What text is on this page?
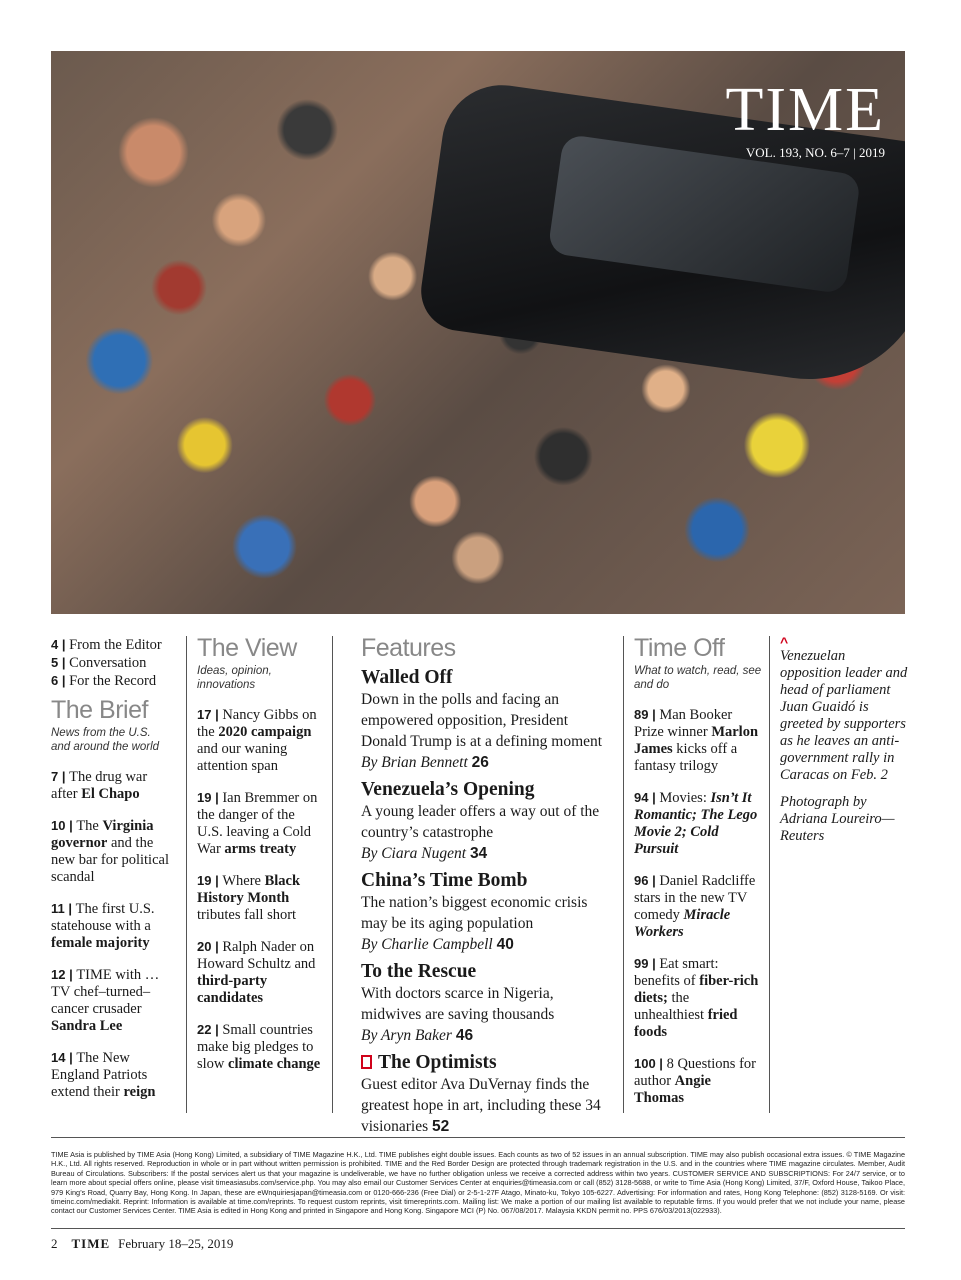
TIME
VOL. 193, NO. 6–7 | 2019
4 | From the Editor
5 | Conversation
6 | For the Record
The Brief
News from the U.S. and around the world
7 | The drug war after El Chapo
10 | The Virginia governor and the new bar for political scandal
11 | The first U.S. statehouse with a female majority
12 | TIME with … TV chef–turned–cancer crusader Sandra Lee
14 | The New England Patriots extend their reign
The View
Ideas, opinion, innovations
17 | Nancy Gibbs on the 2020 campaign and our waning attention span
19 | Ian Bremmer on the danger of the U.S. leaving a Cold War arms treaty
19 | Where Black History Month tributes fall short
20 | Ralph Nader on Howard Schultz and third-party candidates
22 | Small countries make big pledges to slow climate change
Features
Walled Off
Down in the polls and facing an empowered opposition, President Donald Trump is at a defining moment
By Brian Bennett 26
Venezuela’s Opening
A young leader offers a way out of the country’s catastrophe
By Ciara Nugent 34
China’s Time Bomb
The nation’s biggest economic crisis may be its aging population
By Charlie Campbell 40
To the Rescue
With doctors scarce in Nigeria, midwives are saving thousands
By Aryn Baker 46
The Optimists
Guest editor Ava DuVernay finds the greatest hope in art, including these 34 visionaries 52
Time Off
What to watch, read, see and do
89 | Man Booker Prize winner Marlon James kicks off a fantasy trilogy
94 | Movies: Isn’t It Romantic; The Lego Movie 2; Cold Pursuit
96 | Daniel Radcliffe stars in the new TV comedy Miracle Workers
99 | Eat smart: benefits of fiber-rich diets; the unhealthiest fried foods
100 | 8 Questions for author Angie Thomas
^
Venezuelan opposition leader and head of parliament Juan Guaidó is greeted by supporters as he leaves an anti-government rally in Caracas on Feb. 2
Photograph by Adriana Loureiro—Reuters
TIME Asia is published by TIME Asia (Hong Kong) Limited, a subsidiary of TIME Magazine H.K., Ltd. TIME publishes eight double issues. Each counts as two of 52 issues in an annual subscription. TIME may also publish occasional extra issues. © TIME Magazine H.K., Ltd. All rights reserved. Reproduction in whole or in part without written permission is prohibited. TIME and the Red Border Design are protected through trademark registration in the U.S. and in the countries where TIME magazine circulates. Member, Audit Bureau of Circulations. Subscribers: If the postal services alert us that your magazine is undeliverable, we have no further obligation unless we receive a corrected address within two years. CUSTOMER SERVICE AND SUBSCRIPTIONS: For 24/7 service, or to learn more about special offers online, please visit timeasiasubs.com/service.php. You may also email our Customer Services Center at enquiries@timeasia.com or call (852) 3128-5688, or write to Time Asia (Hong Kong) Limited, 37/F, Oxford House, Taikoo Place, 979 King’s Road, Quarry Bay, Hong Kong. In Japan, these are eWnquiriesjapan@timeasia.com or 0120-666-236 (Free Dial) or 2-5-1-27F Atago, Minato-ku, Tokyo 105-6227. Advertising: For information and rates, Hong Kong Telephone: (852) 3128-5169. Or visit: timeinc.com/mediakit. Reprint: Information is available at time.com/reprints. To request custom reprints, visit timereprints.com. Mailing list: We make a portion of our mailing list available to reputable firms. If you would prefer that we not include your name, please contact our Customer Services Center. TIME Asia is edited in Hong Kong and printed in Singapore and Hong Kong. Singapore MCI (P) No. 067/08/2017. Malaysia KKDN permit no. PPS 676/03/2013(022933).
2 TIME February 18–25, 2019
